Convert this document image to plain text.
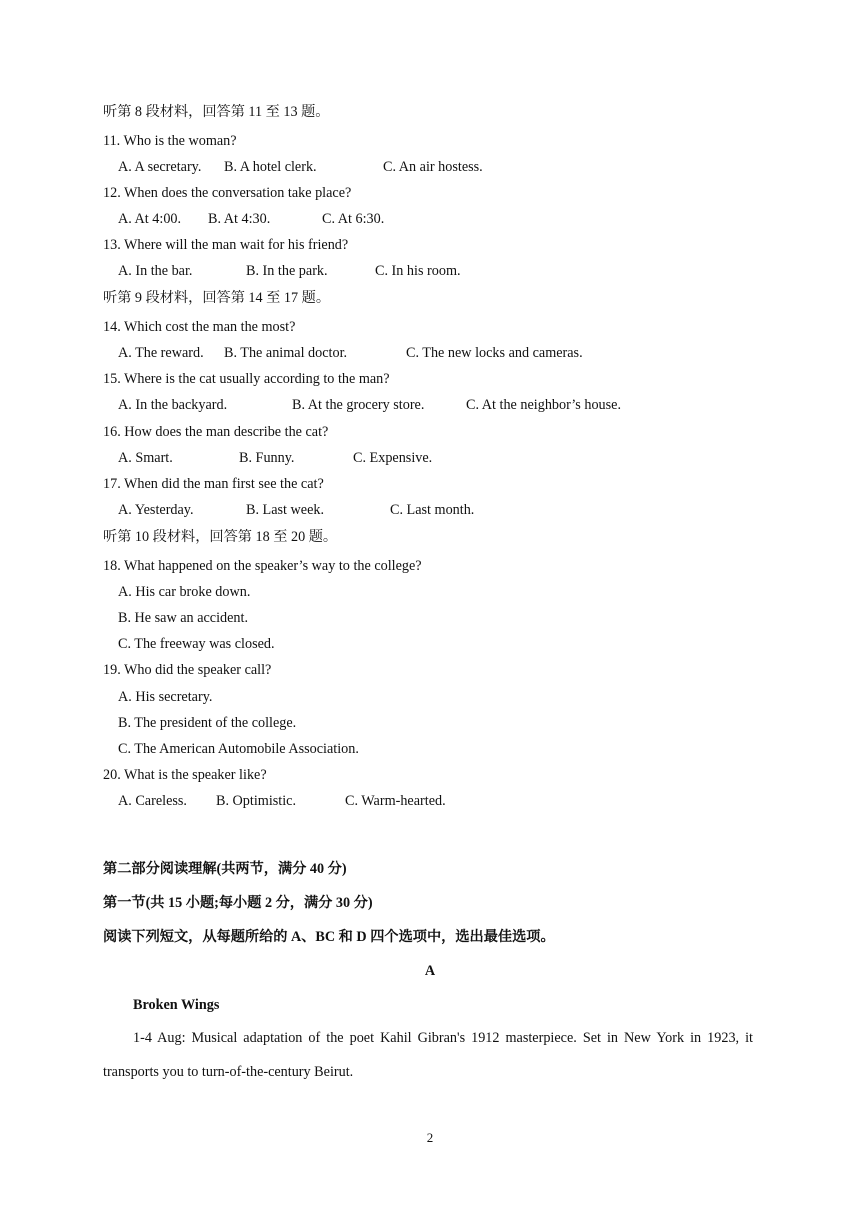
听第 8 段材料，回答第 11 至 13 题。
11. Who is the woman?
A. A secretary. B. A hotel clerk.	C. An air hostess.
12. When does the conversation take place?
A. At 4:00. B. At 4:30.	C. At 6:30.
13. Where will the man wait for his friend?
A. In the bar.	B. In the park.	C. In his room.
听第 9 段材料，回答第 14 至 17 题。
14. Which cost the man the most?
A. The reward. B. The animal doctor.	C. The new locks and cameras.
15. Where is the cat usually according to the man?
A. In the backyard.	B. At the grocery store.	C. At the neighbor’s house.
16. How does the man describe the cat?
A. Smart.	B. Funny.	C. Expensive.
17. When did the man first see the cat?
A. Yesterday.	B. Last week.	C. Last month.
听第 10 段材料，回答第 18 至 20 题。
18. What happened on the speaker’s way to the college?
A. His car broke down.
B. He saw an accident.
C. The freeway was closed.
19. Who did the speaker call?
A. His secretary.
B. The president of the college.
C. The American Automobile Association.
20. What is the speaker like?
A. Careless. B. Optimistic.	C. Warm-hearted.
第二部分阅读理解(共两节，满分 40 分)
第一节(共 15 小题;每小题 2 分，满分 30 分)
阅读下列短文，从每题所给的 A、BC 和 D 四个选项中，选出最佳选项。
A
Broken Wings
1-4 Aug: Musical adaptation of the poet Kahil Gibran's 1912 masterpiece. Set in New York in 1923, it transports you to turn-of-the-century Beirut.
2
